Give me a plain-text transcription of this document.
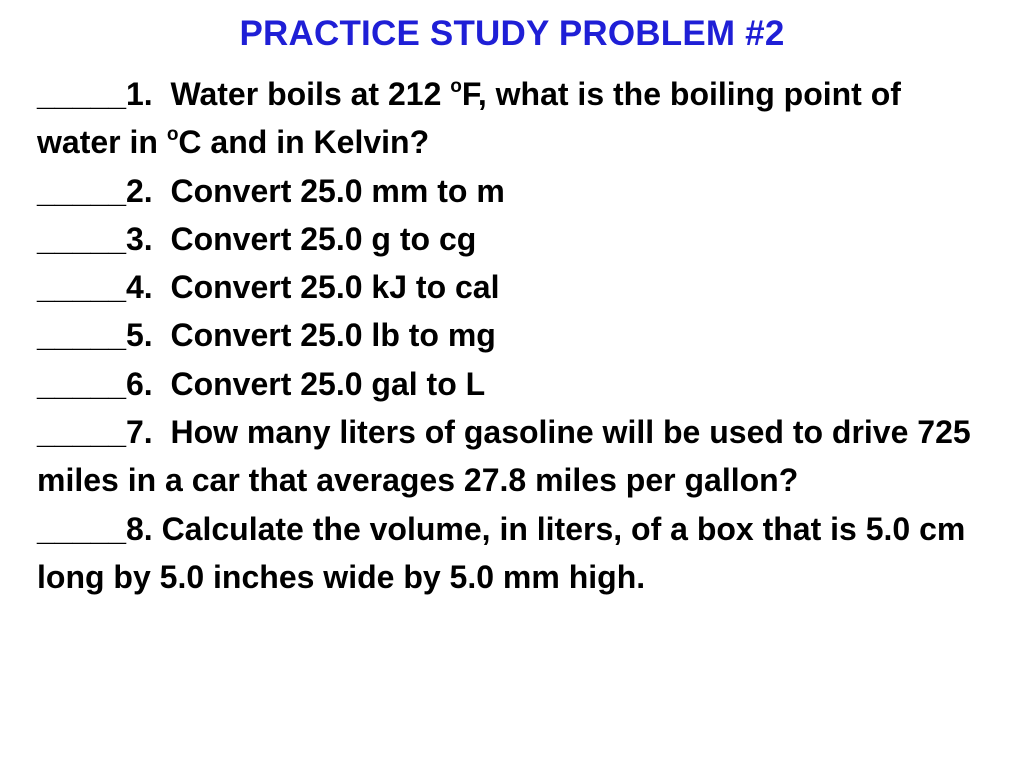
PRACTICE STUDY PROBLEM #2

_____1. Water boils at 212 $^o$F, what is the boiling point of water in $^o$C and in Kelvin?

_____2. Convert 25.0 mm to m

_____3. Convert 25.0 g to cg

_____4. Convert 25.0 kJ to cal

_____5. Convert 25.0 lb to mg

_____6. Convert 25.0 gal to L

_____7. How many liters of gasoline will be used to drive 725 miles in a car that averages 27.8 miles per gallon?

_____8. Calculate the volume, in liters, of a box that is 5.0 cm long by 5.0 inches wide by 5.0 mm high.
